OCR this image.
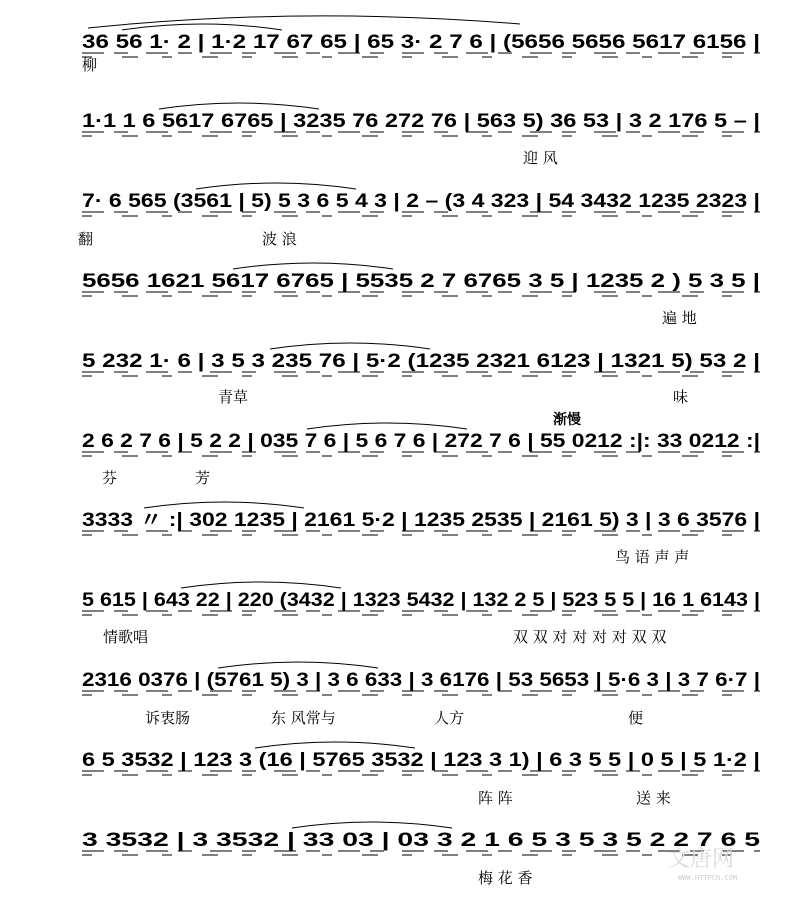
36 56 1· 2 | 1·2 17 67 65 | 65 3· 2 7 6 | (5656 5656 5617 6156 |
柳
1·1 1 6 5617 6765 | 3235 76 272 76 | 563 5) 36 53 | 3 2 176 5 – |
迎 风
7· 6 565 (3561 | 5) 5 3 6 5 4 3 | 2 – (3 4 323 | 54 3432 1235 2323 |
翻	波 浪
5656 1621 5617 6765 | 5535 2 7 6765 3 5 | 1235 2 ) 5 3 5 |
遍 地
5 232 1· 6 | 3 5 3 235 76 | 5·2 (1235 2321 6123 | 1321 5) 53 2 |
青草	味
2 6 2 7 6 | 5 2 2 | 035 7 6 | 5 6 7 6 | 272 7 6 | 55 0212 :|: 33 0212 :|
芬	芳
3333 〃 :| 302 1235 | 2161 5·2 | 1235 2535 | 2161 5) 3 | 3 6 3576 |
鸟 语 声 声
5 615 | 643 22 | 220 (3432 | 1323 5432 | 132 2 5 | 523 5 5 | 16 1 6143 |
情歌唱	双 双 对 对 对 对 双 双
2316 0376 | (5761 5) 3 | 3 6 633 | 3 6176 | 53 5653 | 5·6 3 | 3 7 6·7 |
诉衷肠	东 风常与	人方	便
6 5 3532 | 123 3 (16 | 5765 3532 | 123 3 1) | 6 3 5 5 | 0 5 | 5 1·2 |
阵 阵	送 来
3 3532 | 3 3532 | 33 03 | 03 3 2 1 6 5 3 5 3 5 2 2 7 6 5
梅 花 香
渐慢
文唐网
WWW.HTTPCN.COM
